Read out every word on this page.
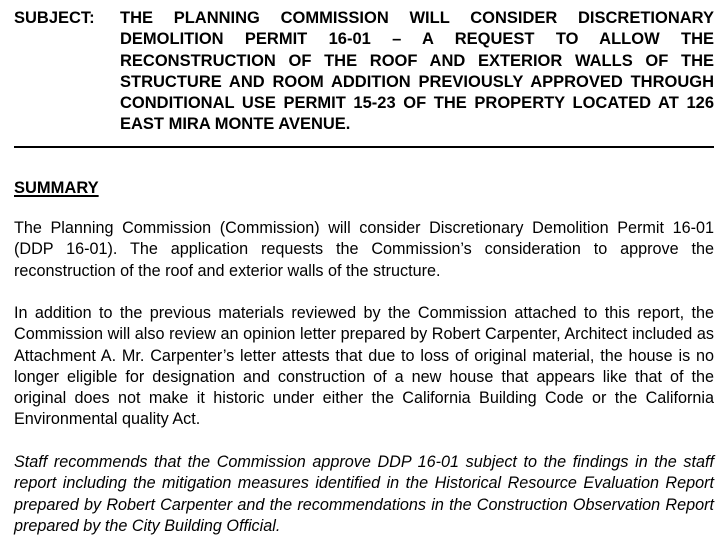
SUBJECT:	THE PLANNING COMMISSION WILL CONSIDER DISCRETIONARY DEMOLITION PERMIT 16-01 – A REQUEST TO ALLOW THE RECONSTRUCTION OF THE ROOF AND EXTERIOR WALLS OF THE STRUCTURE AND ROOM ADDITION PREVIOUSLY APPROVED THROUGH CONDITIONAL USE PERMIT 15-23 OF THE PROPERTY LOCATED AT 126 EAST MIRA MONTE AVENUE.
SUMMARY
The Planning Commission (Commission) will consider Discretionary Demolition Permit 16-01 (DDP 16-01). The application requests the Commission’s consideration to approve the reconstruction of the roof and exterior walls of the structure.
In addition to the previous materials reviewed by the Commission attached to this report, the Commission will also review an opinion letter prepared by Robert Carpenter, Architect included as Attachment A. Mr. Carpenter’s letter attests that due to loss of original material, the house is no longer eligible for designation and construction of a new house that appears like that of the original does not make it historic under either the California Building Code or the California Environmental quality Act.
Staff recommends that the Commission approve DDP 16-01 subject to the findings in the staff report including the mitigation measures identified in the Historical Resource Evaluation Report prepared by Robert Carpenter and the recommendations in the Construction Observation Report prepared by the City Building Official.
